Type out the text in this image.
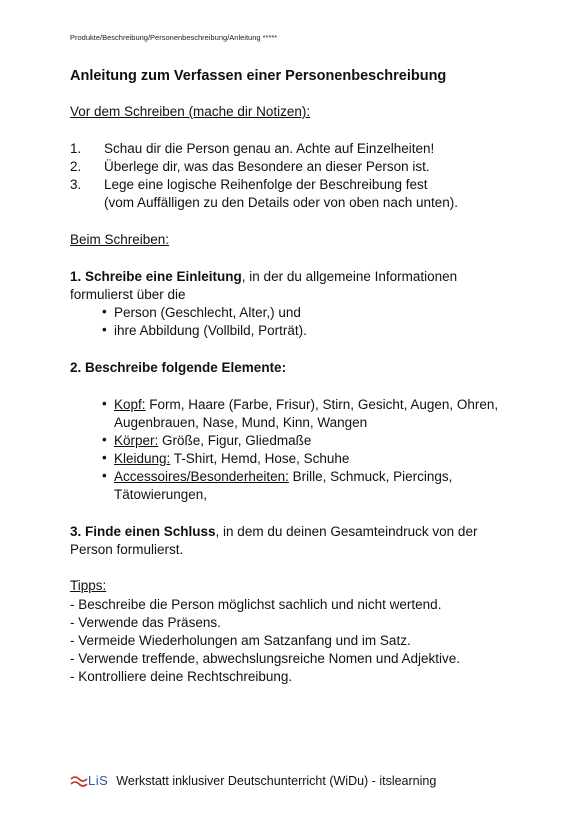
Produkte/Beschreibung/Personenbeschreibung/Anleitung *****
Anleitung zum Verfassen einer Personenbeschreibung
Vor dem Schreiben (mache dir Notizen):
1. Schau dir die Person genau an. Achte auf Einzelheiten!
2. Überlege dir, was das Besondere an dieser Person ist.
3. Lege eine logische Reihenfolge der Beschreibung fest
(vom Auffälligen zu den Details oder von oben nach unten).
Beim Schreiben:
1. Schreibe eine Einleitung, in der du allgemeine Informationen
formulierst über die
• Person (Geschlecht, Alter,) und
• ihre Abbildung (Vollbild, Porträt).
2. Beschreibe folgende Elemente:
• Kopf: Form, Haare (Farbe, Frisur), Stirn, Gesicht, Augen, Ohren,
Augenbrauen, Nase, Mund, Kinn, Wangen
• Körper: Größe, Figur, Gliedmaße
• Kleidung: T-Shirt, Hemd, Hose, Schuhe
• Accessoires/Besonderheiten: Brille, Schmuck, Piercings,
Tätowierungen,
3. Finde einen Schluss, in dem du deinen Gesamteindruck von der
Person formulierst.
Tipps:
- Beschreibe die Person möglichst sachlich und nicht wertend.
- Verwende das Präsens.
- Vermeide Wiederholungen am Satzanfang und im Satz.
- Verwende treffende, abwechslungsreiche Nomen und Adjektive.
- Kontrolliere deine Rechtschreibung.
LiS Werkstatt inklusiver Deutschunterricht (WiDu) - itslearning
